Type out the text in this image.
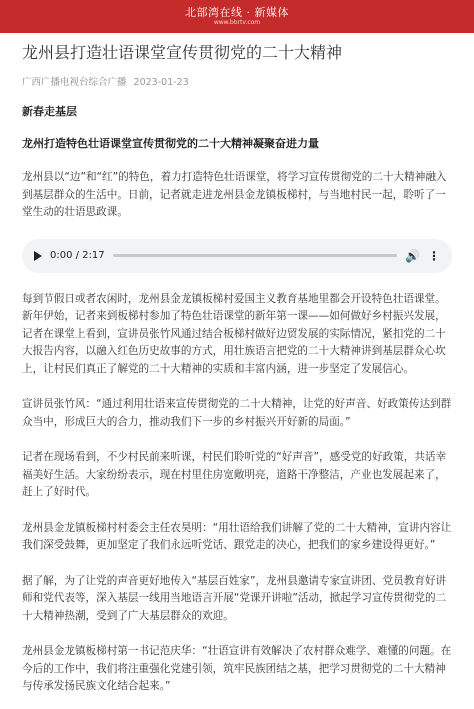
北部湾在线 · 新媒体
www.bbrtv.com
龙州县打造壮语课堂宣传贯彻党的二十大精神
广西广播电视台综合广播 2023-01-23
新春走基层
龙州打造特色壮语课堂宣传贯彻党的二十大精神凝聚奋进力量

龙州县以“边”和“红”的特色，着力打造特色壮语课堂，将学习宣传贯彻党的二十大精神融入到基层群众的生活中。日前，记者就走进龙州县金龙镇板梯村，与当地村民一起，聆听了一堂生动的壮语思政课。

0:00 / 2:17	🔊 ⋮

每到节假日或者农闲时，龙州县金龙镇板梯村爱国主义教育基地里都会开设特色壮语课堂。新年伊始，记者来到板梯村参加了特色壮语课堂的新年第一课——如何做好乡村振兴发展，记者在课堂上看到，宣讲员张竹风通过结合板梯村做好边贸发展的实际情况，紧扣党的二十大报告内容，以融入红色历史故事的方式，用壮族语言把党的二十大精神讲到基层群众心坎上，让村民们真正了解党的二十大精神的实质和丰富内涵，进一步坚定了发展信心。

宣讲员张竹风：“通过利用壮语来宣传贯彻党的二十大精神，让党的好声音、好政策传达到群众当中，形成巨大的合力，推动我们下一步的乡村振兴开好新的局面。”

记者在现场看到，不少村民前来听课，村民们聆听党的“好声音”，感受党的好政策，共话幸福美好生活。大家纷纷表示，现在村里住房宽敞明亮，道路干净整洁，产业也发展起来了，赶上了好时代。

龙州县金龙镇板梯村村委会主任农昊明：“用壮语给我们讲解了党的二十大精神，宣讲内容让我们深受鼓舞，更加坚定了我们永远听党话、跟党走的决心，把我们的家乡建设得更好。”

据了解，为了让党的声音更好地传入“基层百姓家”，龙州县邀请专家宣讲团、党员教育好讲师和党代表等，深入基层一线用当地语言开展“党课开讲啦”活动，掀起学习宣传贯彻党的二十大精神热潮，受到了广大基层群众的欢迎。

龙州县金龙镇板梯村第一书记范庆华：“壮语宣讲有效解决了农村群众难学、难懂的问题。在今后的工作中，我们将注重强化党建引领，筑牢民族团结之基，把学习贯彻党的二十大精神与传承发扬民族文化结合起来。”
